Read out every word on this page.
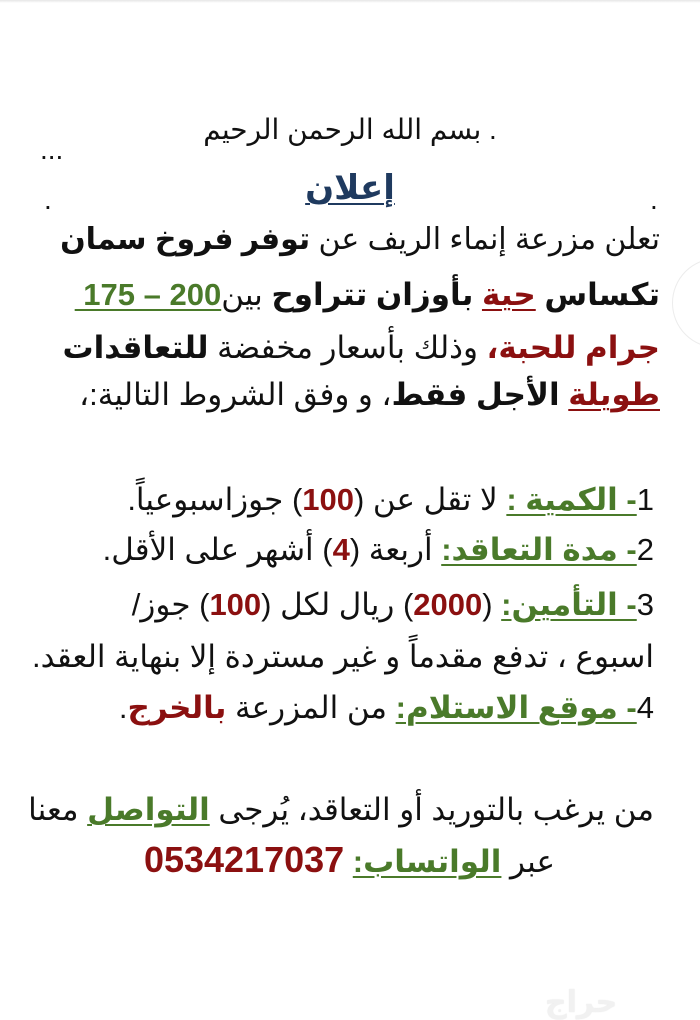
. بسم الله الرحمن الرحيم
...
إعلان
.	.
تعلن مزرعة إنماء الريف عن توفر فروخ سمان
تكساس حية بأوزان تتراوح بين 175 – 200
جرام للحبة، وذلك بأسعار مخفضة للتعاقدات
طويلة الأجل فقط، و وفق الشروط التالية:،
1- الكمية : لا تقل عن (100) جوزاسبوعياً.
2- مدة التعاقد: أربعة (4) أشهر على الأقل.
3- التأمين: (2000) ريال لكل (100) جوز/
اسبوع ، تدفع مقدماً و غير مستردة إلا بنهاية العقد.
4- موقع الاستلام: من المزرعة بالخرج.
من يرغب بالتوريد أو التعاقد، يُرجى التواصل معنا
عبر الواتساب: 0534217037
حراج
